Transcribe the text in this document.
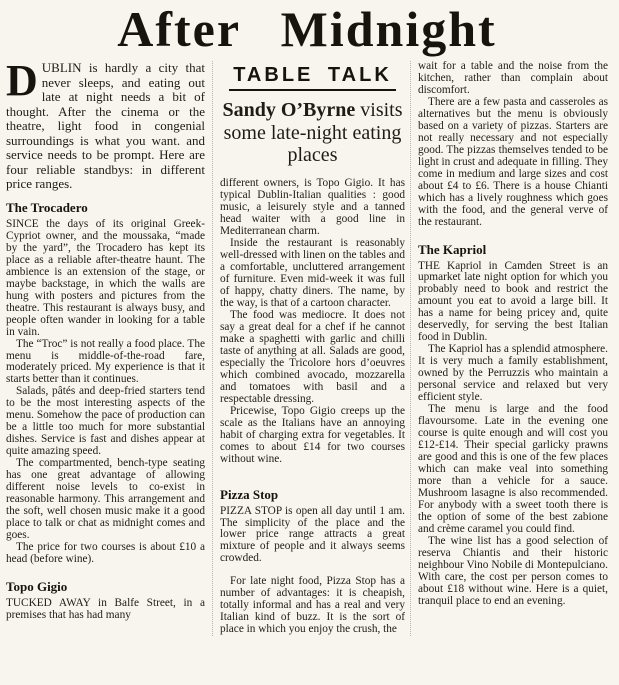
After Midnight

DUBLIN is hardly a city that never sleeps, and eating out late at night needs a bit of thought. After the cinema or the theatre, light food in congenial surroundings is what you want. and service needs to be prompt. Here are four reliable standbys: in different price ranges.

The Trocadero

SINCE the days of its original Greek-Cypriot owner, and the moussaka, “made by the yard”, the Trocadero has kept its place as a reliable after-theatre haunt. The ambience is an extension of the stage, or maybe backstage, in which the walls are hung with posters and pictures from the theatre. This restaurant is always busy, and people often wander in looking for a table in vain.

The “Troc” is not really a food place. The menu is middle-of-the-road fare, moderately priced. My experience is that it starts better than it continues.

Salads, pâtés and deep-fried starters tend to be the most interesting aspects of the menu. Somehow the pace of production can be a little too much for more substantial dishes. Service is fast and dishes appear at quite amazing speed.

The compartmented, bench-type seating has one great advantage of allowing different noise levels to co-exist in reasonable harmony. This arrangement and the soft, well chosen music make it a good place to talk or chat as midnight comes and goes.

The price for two courses is about £10 a head (before wine).

Topo Gigio

TUCKED AWAY in Balfe Street, in a premises that has had many

TABLE TALK
Sandy O’Byrne visits some late-night eating places

different owners, is Topo Gigio. It has typical Dublin-Italian qualities : good music, a leisurely style and a tanned head waiter with a good line in Mediterranean charm.

Inside the restaurant is reasonably well-dressed with linen on the tables and a comfortable, uncluttered arrangement of furniture. Even mid-week it was full of happy, chatty diners. The name, by the way, is that of a cartoon character.

The food was mediocre. It does not say a great deal for a chef if he cannot make a spaghetti with garlic and chilli taste of anything at all. Salads are good, especially the Tricolore hors d’oeuvres which combined avocado, mozzarella and tomatoes with basil and a respectable dressing.

Pricewise, Topo Gigio creeps up the scale as the Italians have an annoying habit of charging extra for vegetables. It comes to about £14 for two courses without wine.

Pizza Stop

PIZZA STOP is open all day until 1 am. The simplicity of the place and the lower price range attracts a great mixture of people and it always seems crowded.

For late night food, Pizza Stop has a number of advantages: it is cheapish, totally informal and has a real and very Italian kind of buzz. It is the sort of place in which you enjoy the crush, the

wait for a table and the noise from the kitchen, rather than complain about discomfort.

There are a few pasta and casseroles as alternatives but the menu is obviously based on a variety of pizzas. Starters are not really necessary and not especially good. The pizzas themselves tended to be light in crust and adequate in filling. They come in medium and large sizes and cost about £4 to £6. There is a house Chianti which has a lively roughness which goes with the food, and the general verve of the restaurant.

The Kapriol

THE Kapriol in Camden Street is an upmarket late night option for which you probably need to book and restrict the amount you eat to avoid a large bill. It has a name for being pricey and, quite deservedly, for serving the best Italian food in Dublin.

The Kapriol has a splendid atmosphere. It is very much a family establishment, owned by the Perruzzis who maintain a personal service and relaxed but very efficient style.

The menu is large and the food flavoursome. Late in the evening one course is quite enough and will cost you £12-£14. Their special garlicky prawns are good and this is one of the few places which can make veal into something more than a vehicle for a sauce. Mushroom lasagne is also recommended. For anybody with a sweet tooth there is the option of some of the best zabione and crème caramel you could find.

The wine list has a good selection of reserva Chiantis and their historic neighbour Vino Nobile di Montepulciano. With care, the cost per person comes to about £18 without wine. Here is a quiet, tranquil place to end an evening.
